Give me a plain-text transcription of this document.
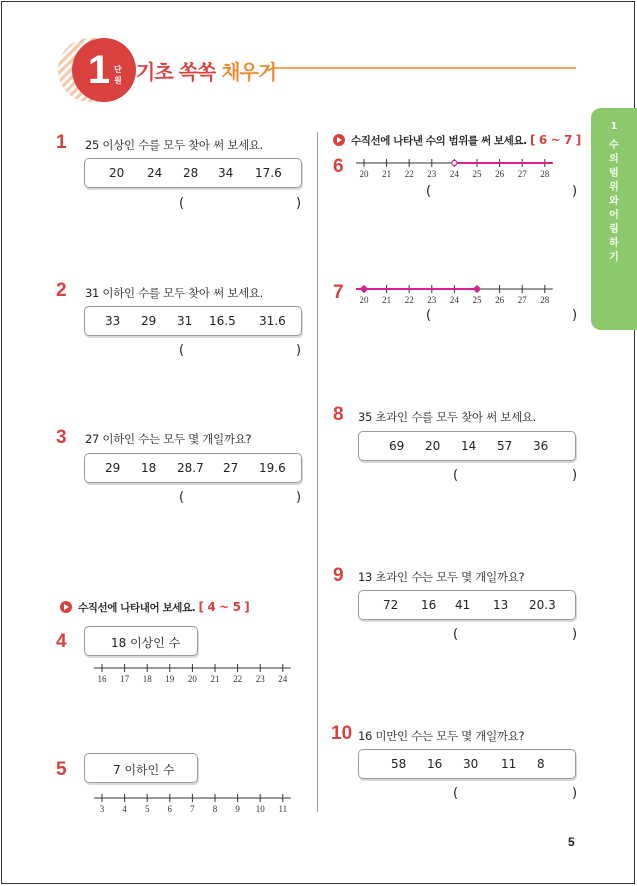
1 단원 기초 쏙쏙 채우기
1
수의 범위와 어림하기
1 25 이상인 수를 모두 찾아 써 보세요.
20 24 28 34 17.6
(	)
2 31 이하인 수를 모두 찾아 써 보세요.
33 29 31 16.5 31.6
(	)
3 27 이하인 수는 모두 몇 개일까요?
29 18 28.7 27 19.6
(	)
수직선에 나타내어 보세요. [ 4 ~ 5 ]
4	18 이상인 수
16 17 18 19 20 21 22 23 24
5	7 이하인 수
3 4 5 6 7 8 9 10 11
수직선에 나타낸 수의 범위를 써 보세요. [ 6 ~ 7 ]
6 20 21 22 23 24 25 26 27 28
(	)
7 20 21 22 23 24 25 26 27 28
(	)
8 35 초과인 수를 모두 찾아 써 보세요.
69 20 14 57 36
(	)
9 13 초과인 수는 모두 몇 개일까요?
72 16 41 13 20.3
(	)
10 16 미만인 수는 모두 몇 개일까요?
58 16 30 11 8
(	)
5
